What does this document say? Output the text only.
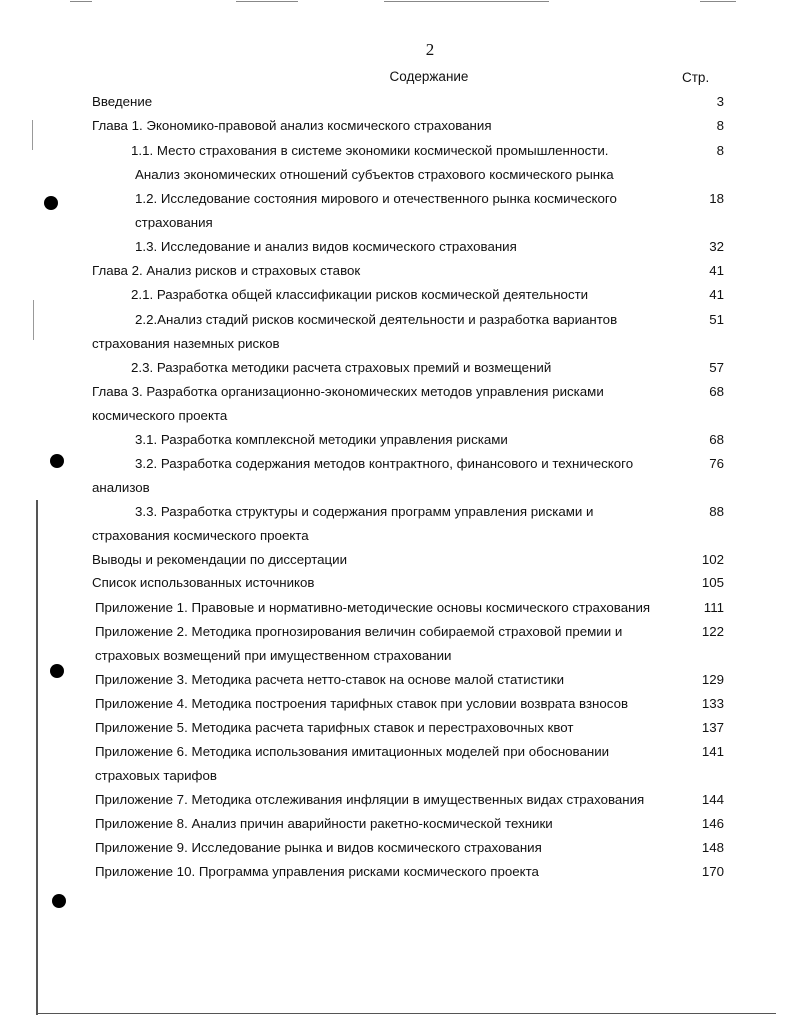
2
Содержание	Стр.
Введение	3
Глава 1. Экономико-правовой анализ космического страхования	8
1.1. Место страхования в системе экономики космической промышленности.	8
Анализ экономических отношений субъектов страхового космического рынка
1.2. Исследование состояния мирового и отечественного рынка космического	18
страхования
1.3. Исследование и анализ видов космического страхования	32
Глава 2. Анализ рисков и страховых ставок	41
2.1. Разработка общей классификации рисков космической деятельности	41
2.2.Анализ стадий рисков космической деятельности и разработка вариантов	51
страхования наземных рисков
2.3. Разработка методики расчета страховых премий и возмещений	57
Глава 3. Разработка организационно-экономических методов управления рисками	68
космического проекта
3.1. Разработка комплексной методики управления рисками	68
3.2. Разработка содержания методов контрактного, финансового и технического	76
анализов
3.3. Разработка структуры и содержания программ управления рисками и	88
страхования космического проекта
Выводы и рекомендации по диссертации	102
Список использованных источников	105
Приложение 1. Правовые и нормативно-методические основы космического страхования	111
Приложение 2. Методика прогнозирования величин собираемой страховой премии и	122
страховых возмещений при имущественном страховании
Приложение 3. Методика расчета нетто-ставок на основе малой статистики	129
Приложение 4. Методика построения тарифных ставок при условии возврата взносов	133
Приложение 5. Методика расчета тарифных ставок и перестраховочных квот	137
Приложение 6. Методика использования имитационных моделей при обосновании	141
страховых тарифов
Приложение 7. Методика отслеживания инфляции в имущественных видах страхования	144
Приложение 8. Анализ причин аварийности ракетно-космической техники	146
Приложение 9. Исследование рынка и видов космического страхования	148
Приложение 10. Программа управления рисками космического проекта	170
